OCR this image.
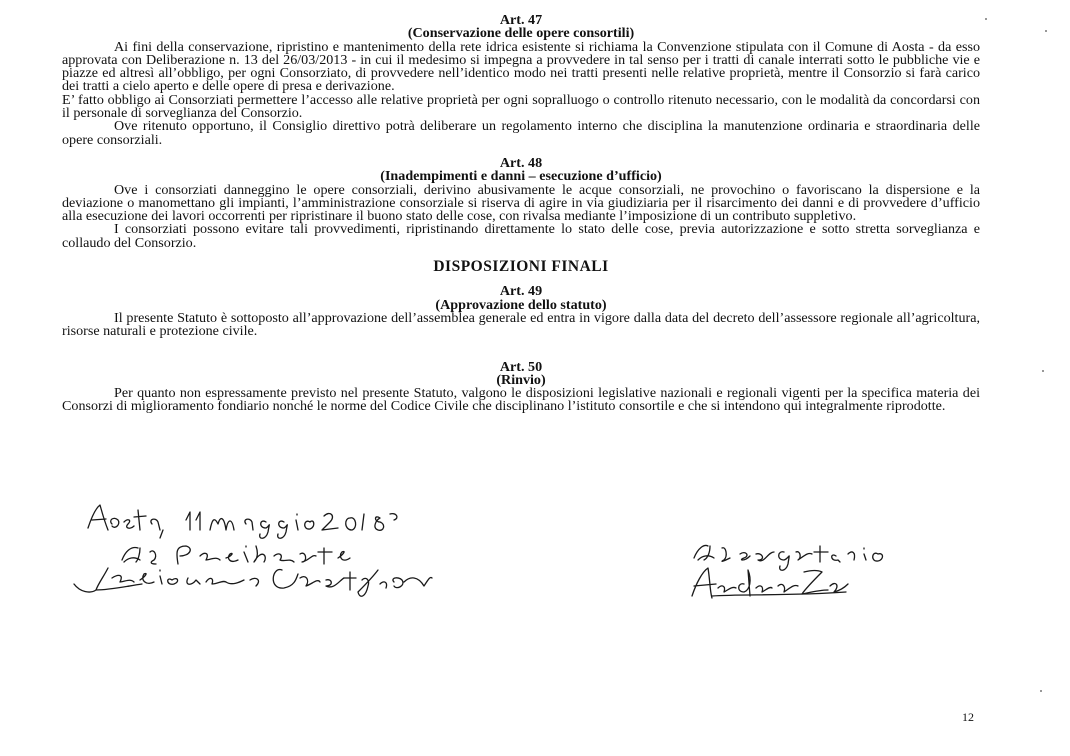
Art. 47
(Conservazione delle opere consortili)

Ai fini della conservazione, ripristino e mantenimento della rete idrica esistente si richiama la Convenzione stipulata con il Comune di Aosta - da esso approvata con Deliberazione n. 13 del 26/03/2013 - in cui il medesimo si impegna a provvedere in tal senso per i tratti di canale interrati sotto le pubbliche vie e piazze ed altresì all’obbligo, per ogni Consorziato, di provvedere nell’identico modo nei tratti presenti nelle relative proprietà, mentre il Consorzio si farà carico dei tratti a cielo aperto e delle opere di presa e derivazione.

E’ fatto obbligo ai Consorziati permettere l’accesso alle relative proprietà per ogni sopralluogo o controllo ritenuto necessario, con le modalità da concordarsi con il personale di sorveglianza del Consorzio.

Ove ritenuto opportuno, il Consiglio direttivo potrà deliberare un regolamento interno che disciplina la manutenzione ordinaria e straordinaria delle opere consorziali.

Art. 48
(Inadempimenti e danni – esecuzione d’ufficio)

Ove i consorziati danneggino le opere consorziali, derivino abusivamente le acque consorziali, ne provochino o favoriscano la dispersione e la deviazione o manomettano gli impianti, l’amministrazione consorziale si riserva di agire in via giudiziaria per il risarcimento dei danni e di provvedere d’ufficio alla esecuzione dei lavori occorrenti per ripristinare il buono stato delle cose, con rivalsa mediante l’imposizione di un contributo suppletivo.

I consorziati possono evitare tali provvedimenti, ripristinando direttamente lo stato delle cose, previa autorizzazione e sotto stretta sorveglianza e collaudo del Consorzio.

DISPOSIZIONI FINALI
Art. 49
(Approvazione dello statuto)

Il presente Statuto è sottoposto all’approvazione dell’assemblea generale ed entra in vigore dalla data del decreto dell’assessore regionale all’agricoltura, risorse naturali e protezione civile.

Art. 50
(Rinvio)

Per quanto non espressamente previsto nel presente Statuto, valgono le disposizioni legislative nazionali e regionali vigenti per la specifica materia dei Consorzi di miglioramento fondiario nonché le norme del Codice Civile che disciplinano l’istituto consortile e che si intendono qui integralmente riprodotte.

12
